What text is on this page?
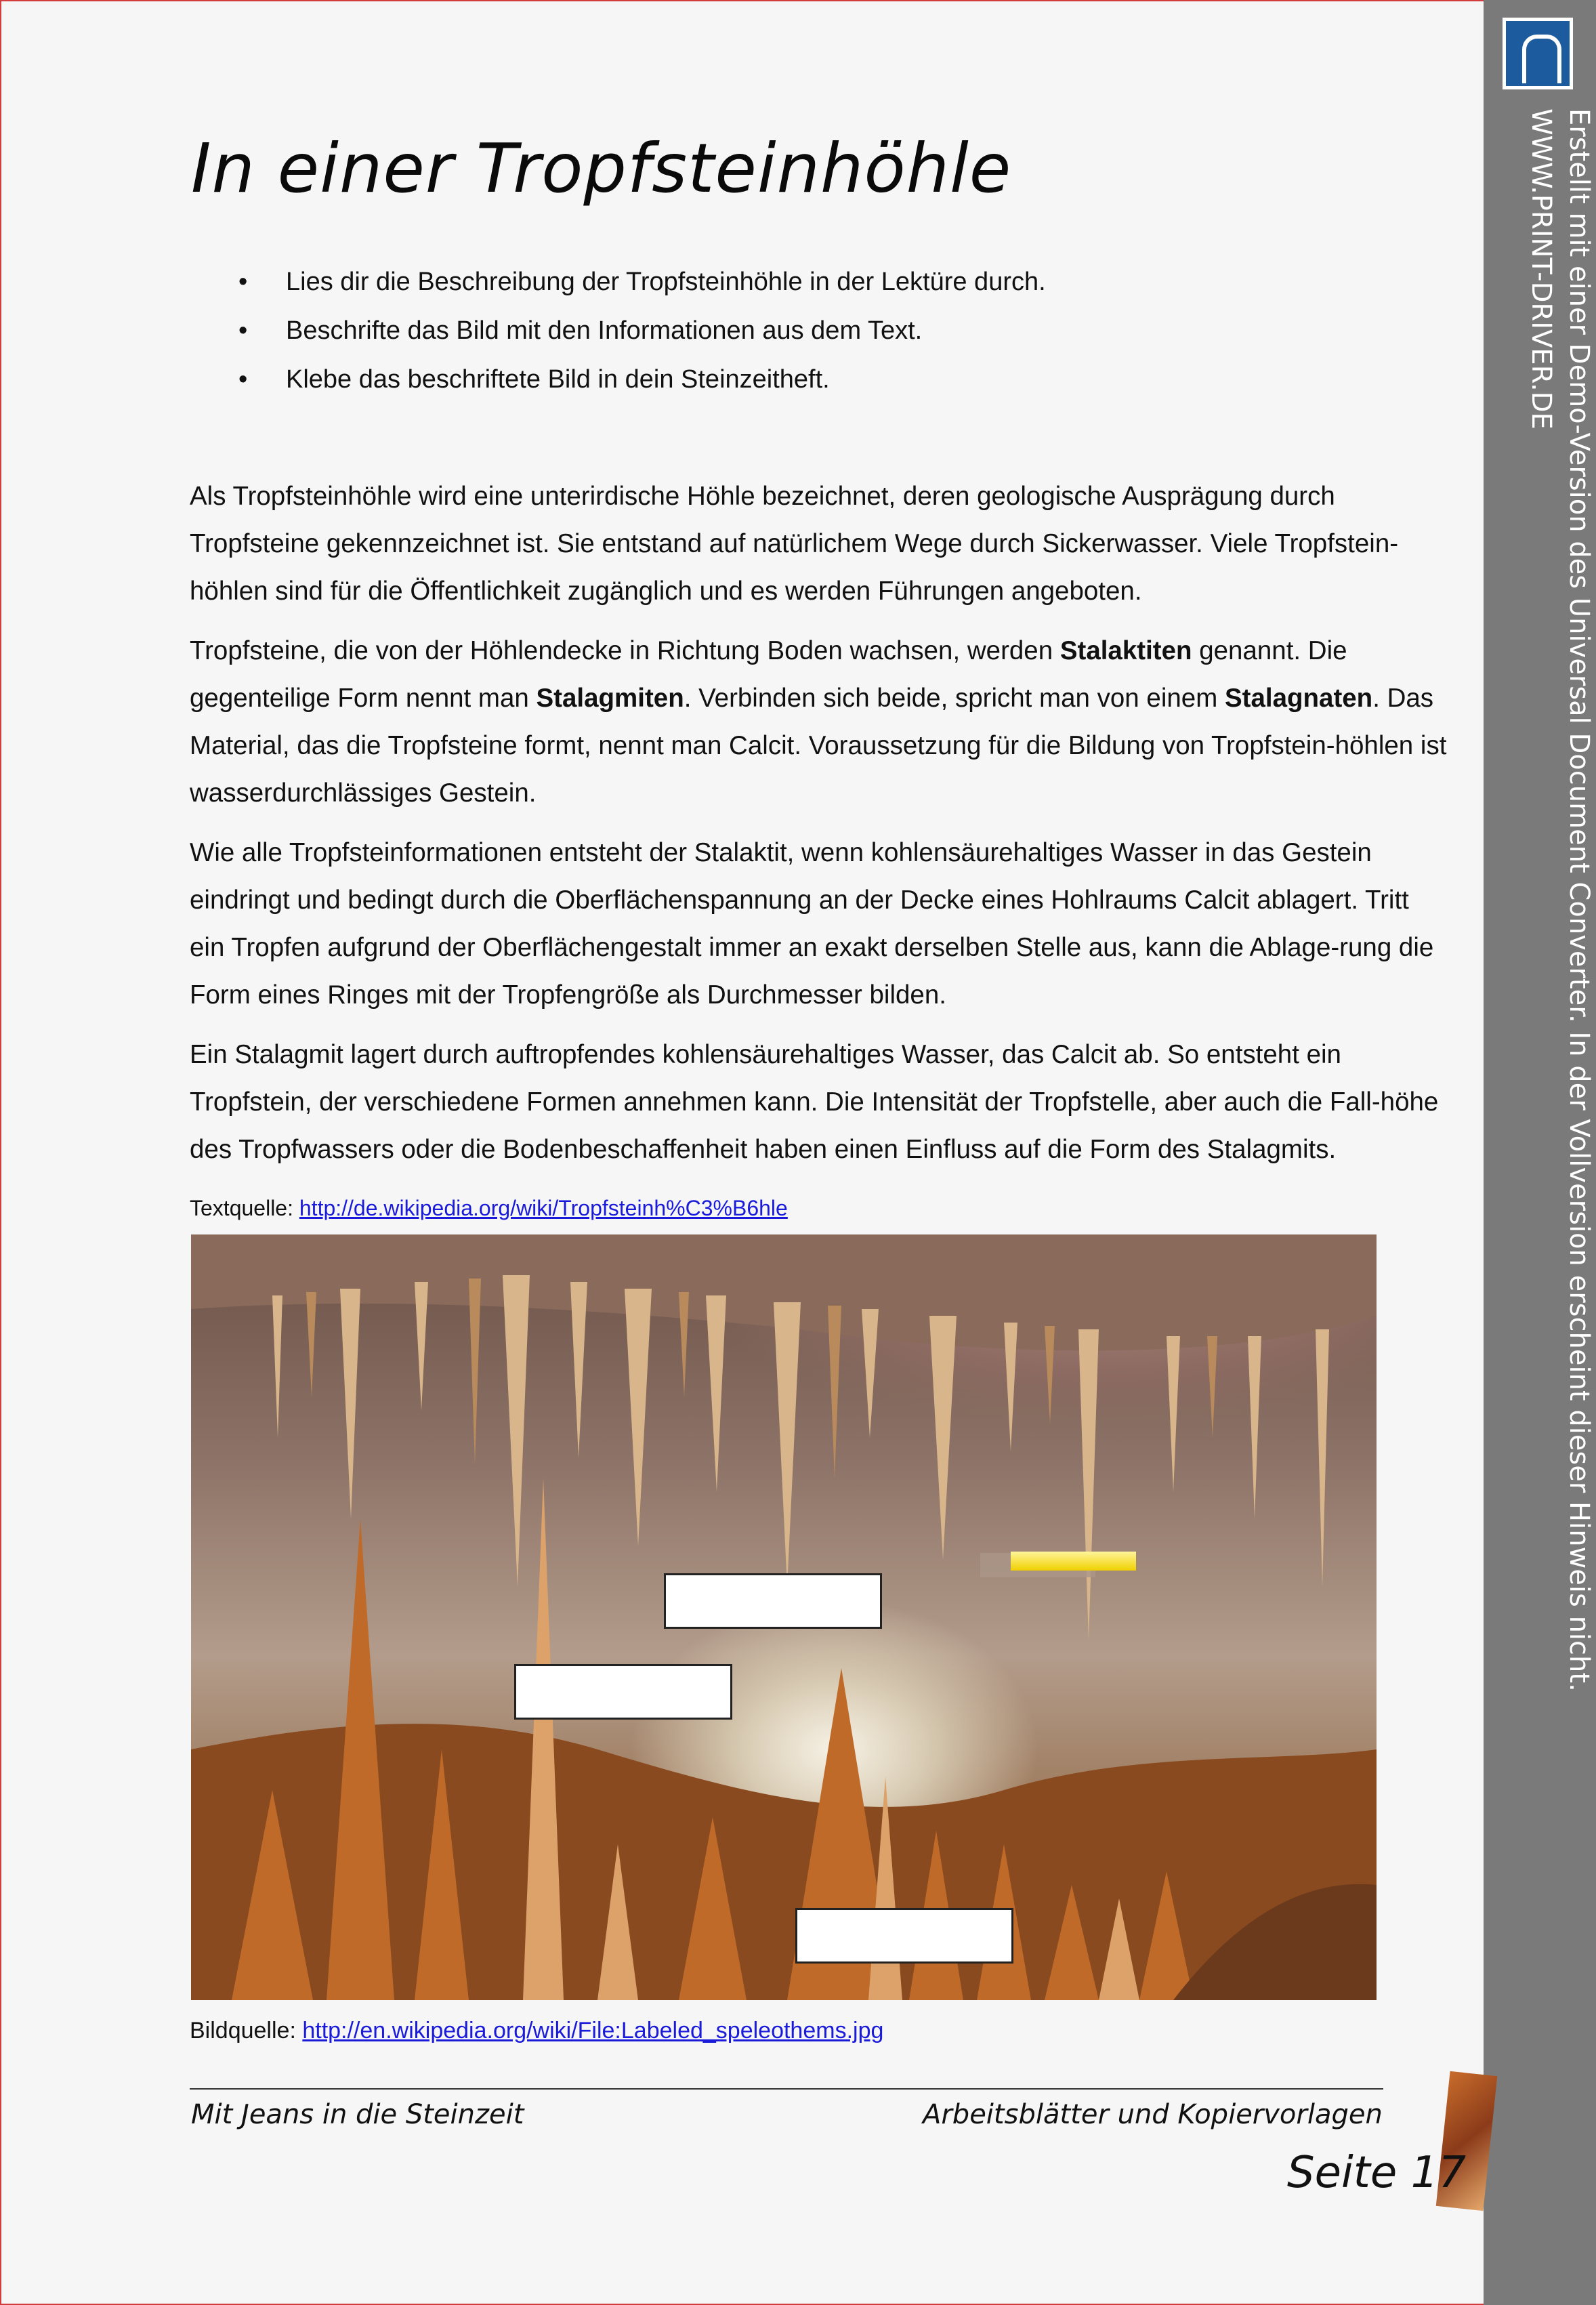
Erstellt mit einer Demo-Version des Universal Document Converter. In der Vollversion erscheint dieser Hinweis nicht.
WWW.PRINT-DRIVER.DE
In einer Tropfsteinhöhle
• Lies dir die Beschreibung der Tropfsteinhöhle in der Lektüre durch.
• Beschrifte das Bild mit den Informationen aus dem Text.
• Klebe das beschriftete Bild in dein Steinzeitheft.

Als Tropfsteinhöhle wird eine unterirdische Höhle bezeichnet, deren geologische Ausprägung durch Tropfsteine gekennzeichnet ist. Sie entstand auf natürlichem Wege durch Sickerwasser. Viele Tropfstein-höhlen sind für die Öffentlichkeit zugänglich und es werden Führungen angeboten.

Tropfsteine, die von der Höhlendecke in Richtung Boden wachsen, werden Stalaktiten genannt. Die gegenteilige Form nennt man Stalagmiten. Verbinden sich beide, spricht man von einem Stalagnaten. Das Material, das die Tropfsteine formt, nennt man Calcit. Voraussetzung für die Bildung von Tropfstein-höhlen ist wasserdurchlässiges Gestein.

Wie alle Tropfsteinformationen entsteht der Stalaktit, wenn kohlensäurehaltiges Wasser in das Gestein eindringt und bedingt durch die Oberflächenspannung an der Decke eines Hohlraums Calcit ablagert. Tritt ein Tropfen aufgrund der Oberflächengestalt immer an exakt derselben Stelle aus, kann die Ablage-rung die Form eines Ringes mit der Tropfengröße als Durchmesser bilden.

Ein Stalagmit lagert durch auftropfendes kohlensäurehaltiges Wasser, das Calcit ab. So entsteht ein Tropfstein, der verschiedene Formen annehmen kann. Die Intensität der Tropfstelle, aber auch die Fall-höhe des Tropfwassers oder die Bodenbeschaffenheit haben einen Einfluss auf die Form des Stalagmits.

Textquelle: http://de.wikipedia.org/wiki/Tropfsteinh%C3%B6hle
Bildquelle: http://en.wikipedia.org/wiki/File:Labeled_speleothems.jpg
Mit Jeans in die Steinzeit	Arbeitsblätter und Kopiervorlagen
Seite 17
